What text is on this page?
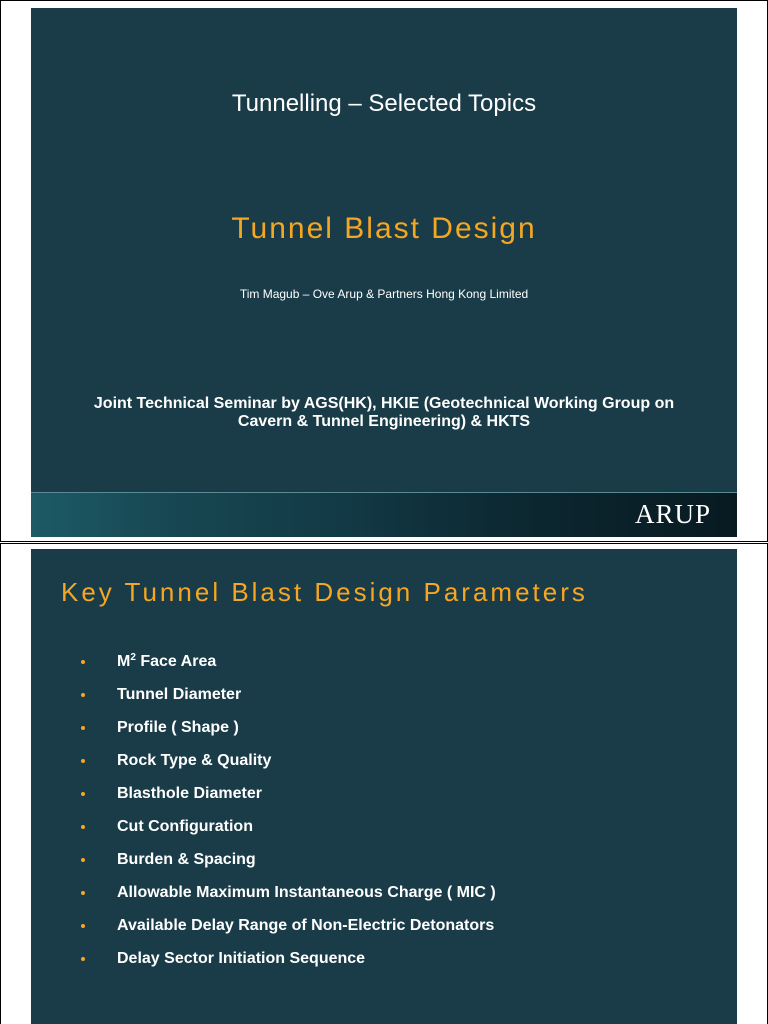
Tunnelling – Selected Topics
Tunnel Blast Design
Tim Magub – Ove Arup & Partners Hong Kong Limited
Joint Technical Seminar by AGS(HK), HKIE (Geotechnical Working Group on
Cavern & Tunnel Engineering) & HKTS
ARUP
Key Tunnel Blast Design Parameters
$M^2$ Face Area
Tunnel Diameter
Profile ( Shape )
Rock Type & Quality
Blasthole Diameter
Cut Configuration
Burden & Spacing
Allowable Maximum Instantaneous Charge ( MIC )
Available Delay Range of Non-Electric Detonators
Delay Sector Initiation Sequence
